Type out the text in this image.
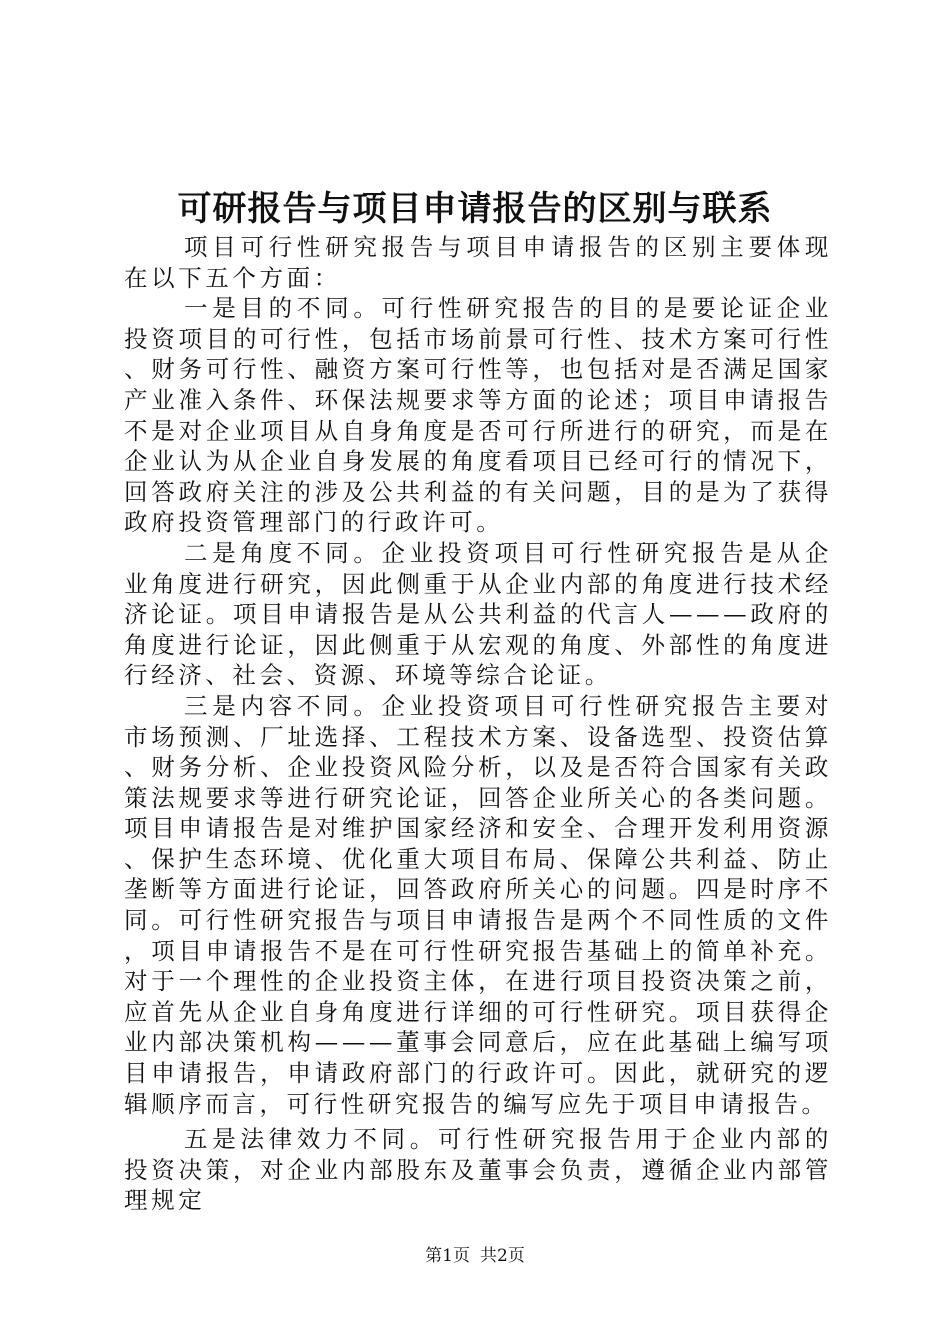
可研报告与项目申请报告的区别与联系

项目可行性研究报告与项目申请报告的区别主要体现在以下五个方面：

一是目的不同。可行性研究报告的目的是要论证企业投资项目的可行性，包括市场前景可行性、技术方案可行性、财务可行性、融资方案可行性等，也包括对是否满足国家产业准入条件、环保法规要求等方面的论述；项目申请报告不是对企业项目从自身角度是否可行所进行的研究，而是在企业认为从企业自身发展的角度看项目已经可行的情况下，回答政府关注的涉及公共利益的有关问题，目的是为了获得政府投资管理部门的行政许可。

二是角度不同。企业投资项目可行性研究报告是从企业角度进行研究，因此侧重于从企业内部的角度进行技术经济论证。项目申请报告是从公共利益的代言人———政府的角度进行论证，因此侧重于从宏观的角度、外部性的角度进行经济、社会、资源、环境等综合论证。

三是内容不同。企业投资项目可行性研究报告主要对市场预测、厂址选择、工程技术方案、设备选型、投资估算、财务分析、企业投资风险分析，以及是否符合国家有关政策法规要求等进行研究论证，回答企业所关心的各类问题。项目申请报告是对维护国家经济和安全、合理开发利用资源、保护生态环境、优化重大项目布局、保障公共利益、防止垄断等方面进行论证，回答政府所关心的问题。四是时序不同。可行性研究报告与项目申请报告是两个不同性质的文件，项目申请报告不是在可行性研究报告基础上的简单补充。对于一个理性的企业投资主体，在进行项目投资决策之前，应首先从企业自身角度进行详细的可行性研究。项目获得企业内部决策机构———董事会同意后，应在此基础上编写项目申请报告，申请政府部门的行政许可。因此，就研究的逻辑顺序而言，可行性研究报告的编写应先于项目申请报告。

五是法律效力不同。可行性研究报告用于企业内部的投资决策，对企业内部股东及董事会负责，遵循企业内部管理规定

第1页 共2页
